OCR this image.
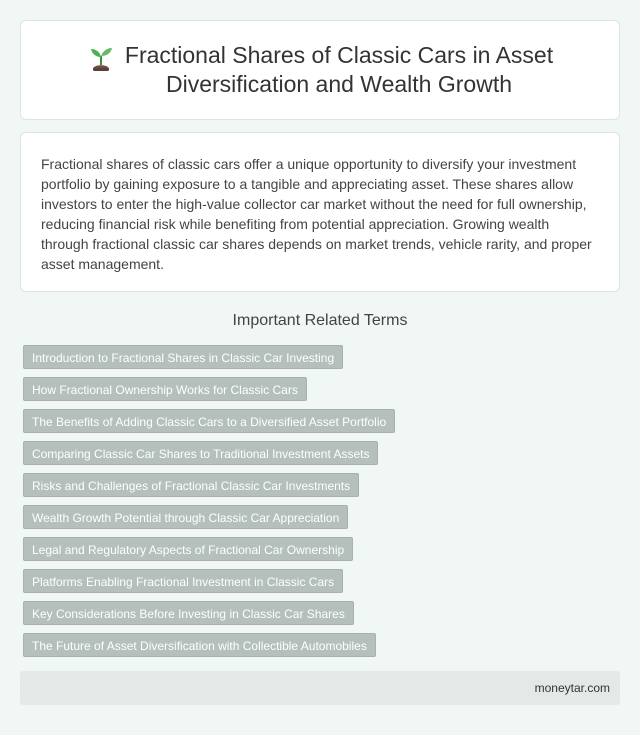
Fractional Shares of Classic Cars in Asset
Diversification and Wealth Growth

Fractional shares of classic cars offer a unique opportunity to diversify your investment portfolio by gaining exposure to a tangible and appreciating asset. These shares allow investors to enter the high-value collector car market without the need for full ownership, reducing financial risk while benefiting from potential appreciation. Growing wealth through fractional classic car shares depends on market trends, vehicle rarity, and proper asset management.

Important Related Terms
Introduction to Fractional Shares in Classic Car Investing
How Fractional Ownership Works for Classic Cars
The Benefits of Adding Classic Cars to a Diversified Asset Portfolio
Comparing Classic Car Shares to Traditional Investment Assets
Risks and Challenges of Fractional Classic Car Investments
Wealth Growth Potential through Classic Car Appreciation
Legal and Regulatory Aspects of Fractional Car Ownership
Platforms Enabling Fractional Investment in Classic Cars
Key Considerations Before Investing in Classic Car Shares
The Future of Asset Diversification with Collectible Automobiles
moneytar.com
